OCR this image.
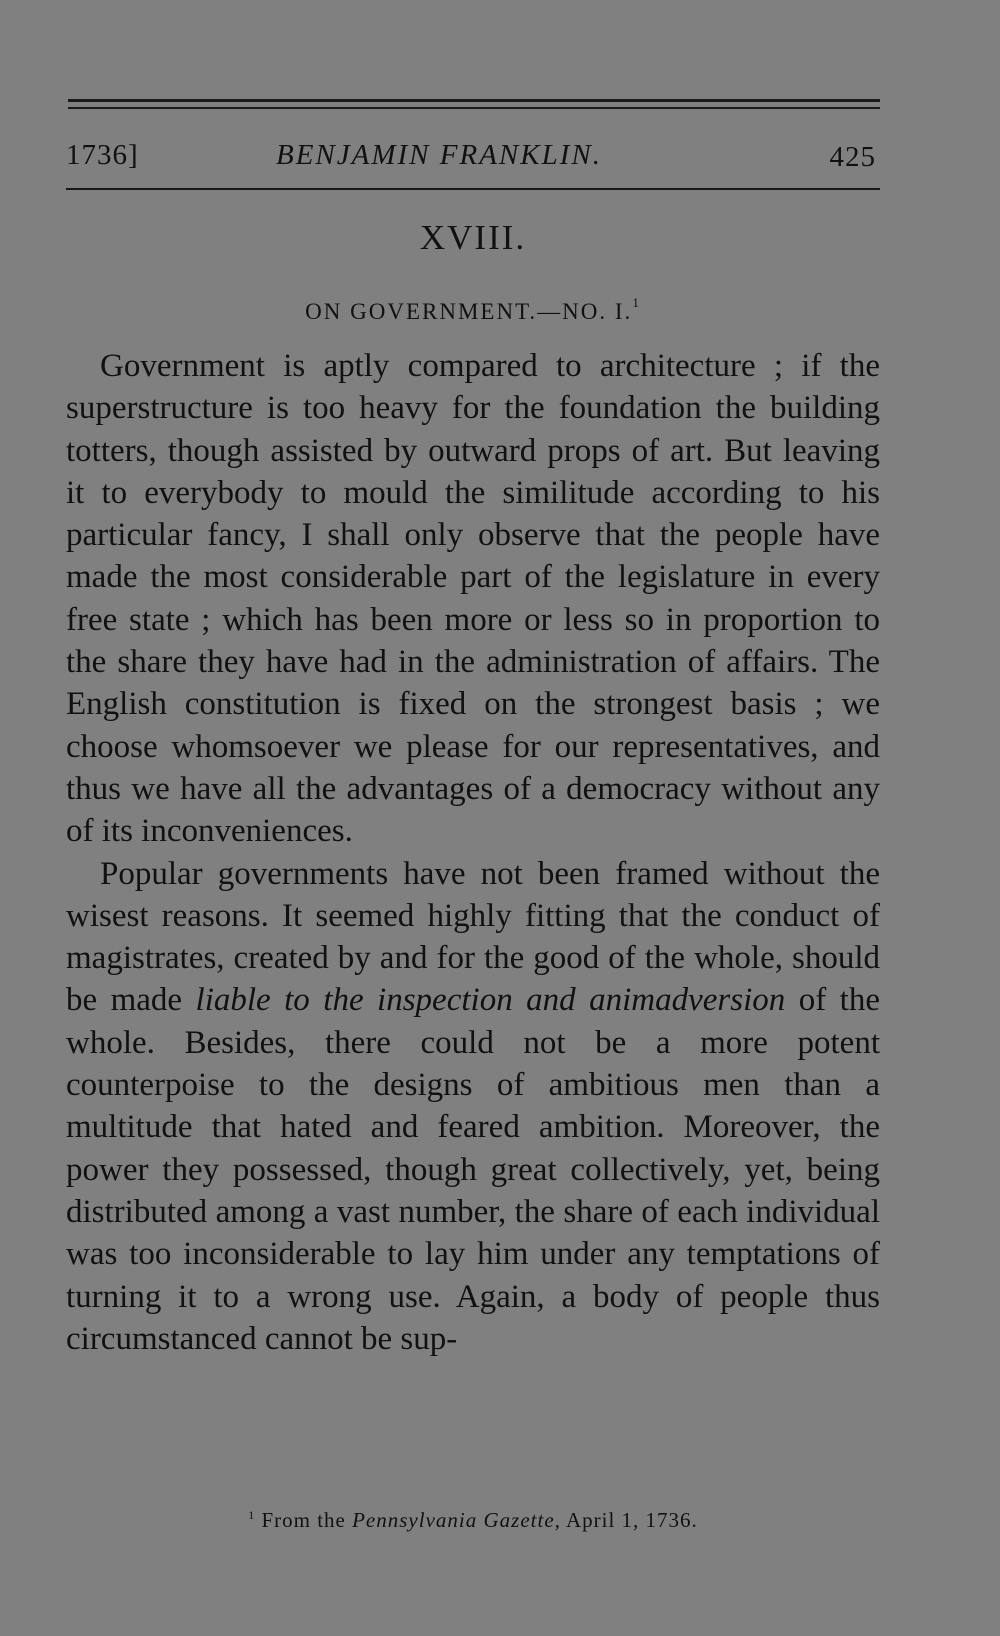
1736]	BENJAMIN FRANKLIN.	425
XVIII.
ON GOVERNMENT.—NO. I.$^1$

Government is aptly compared to architecture ; if the superstructure is too heavy for the foundation the building totters, though assisted by outward props of art. But leaving it to everybody to mould the similitude according to his particular fancy, I shall only observe that the people have made the most considerable part of the legislature in every free state ; which has been more or less so in proportion to the share they have had in the administration of affairs. The English constitution is fixed on the strongest basis ; we choose whomsoever we please for our representatives, and thus we have all the advantages of a democracy without any of its inconveniences.

Popular governments have not been framed without the wisest reasons. It seemed highly fitting that the conduct of magistrates, created by and for the good of the whole, should be made liable to the inspection and animadversion of the whole. Besides, there could not be a more potent counterpoise to the designs of ambitious men than a multitude that hated and feared ambition. Moreover, the power they possessed, though great collectively, yet, being distributed among a vast number, the share of each individual was too inconsiderable to lay him under any temptations of turning it to a wrong use. Again, a body of people thus circumstanced cannot be sup-

$^1$ From the Pennsylvania Gazette, April 1, 1736.
